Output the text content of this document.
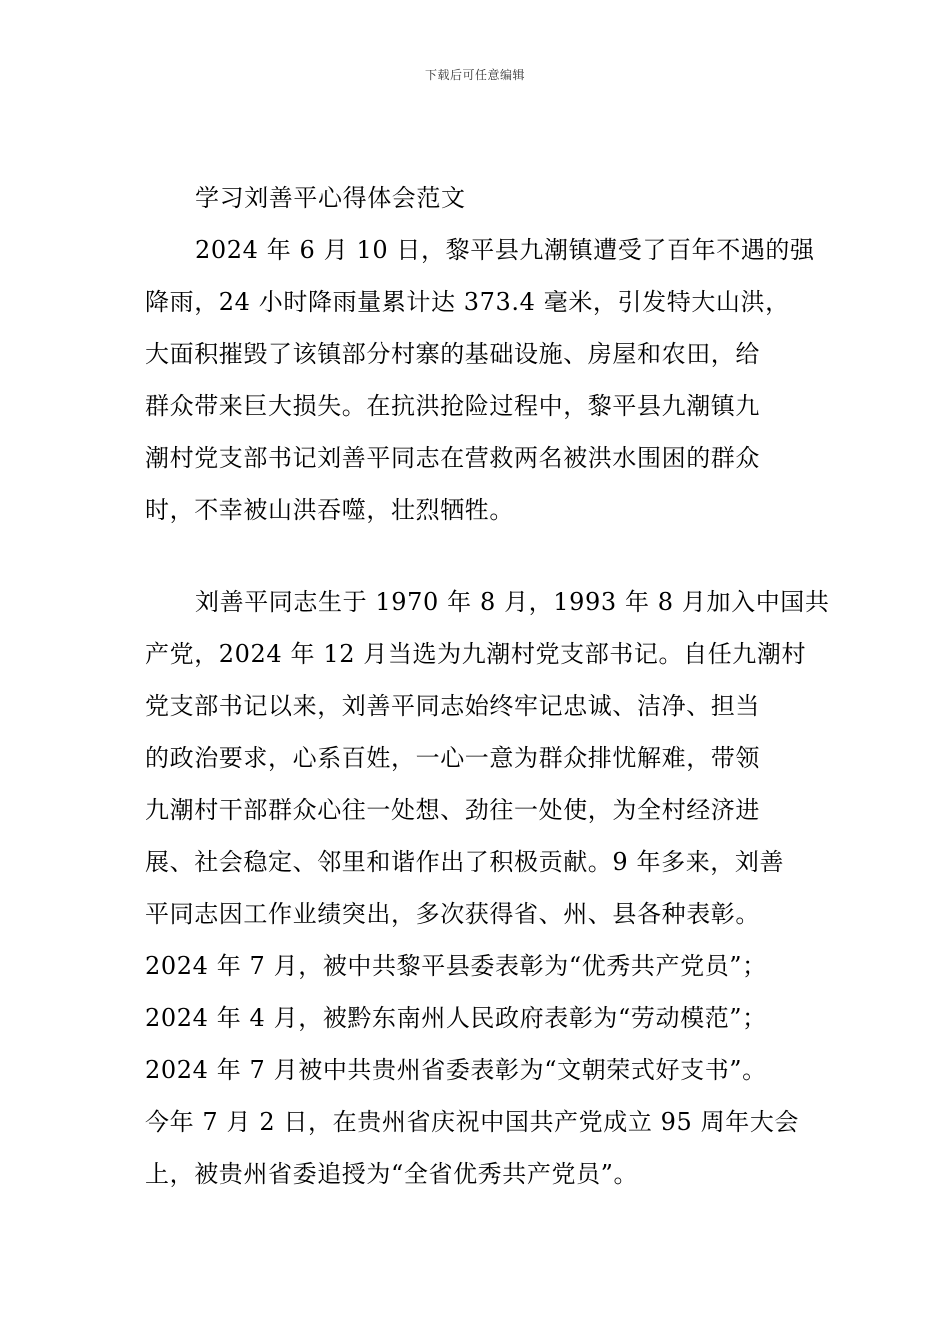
下载后可任意编辑
学习刘善平心得体会范文
2024 年 6 月 10 日，黎平县九潮镇遭受了百年不遇的强
降雨，24 小时降雨量累计达 373.4 毫米，引发特大山洪，
大面积摧毁了该镇部分村寨的基础设施、房屋和农田，给
群众带来巨大损失。在抗洪抢险过程中，黎平县九潮镇九
潮村党支部书记刘善平同志在营救两名被洪水围困的群众
时，不幸被山洪吞噬，壮烈牺牲。
刘善平同志生于 1970 年 8 月，1993 年 8 月加入中国共
产党，2024 年 12 月当选为九潮村党支部书记。自任九潮村
党支部书记以来，刘善平同志始终牢记忠诚、洁净、担当
的政治要求，心系百姓，一心一意为群众排忧解难，带领
九潮村干部群众心往一处想、劲往一处使，为全村经济进
展、社会稳定、邻里和谐作出了积极贡献。9 年多来，刘善
平同志因工作业绩突出，多次获得省、州、县各种表彰。
2024 年 7 月，被中共黎平县委表彰为“优秀共产党员”；
2024 年 4 月，被黔东南州人民政府表彰为“劳动模范”；
2024 年 7 月被中共贵州省委表彰为“文朝荣式好支书”。
今年 7 月 2 日，在贵州省庆祝中国共产党成立 95 周年大会
上，被贵州省委追授为“全省优秀共产党员”。
